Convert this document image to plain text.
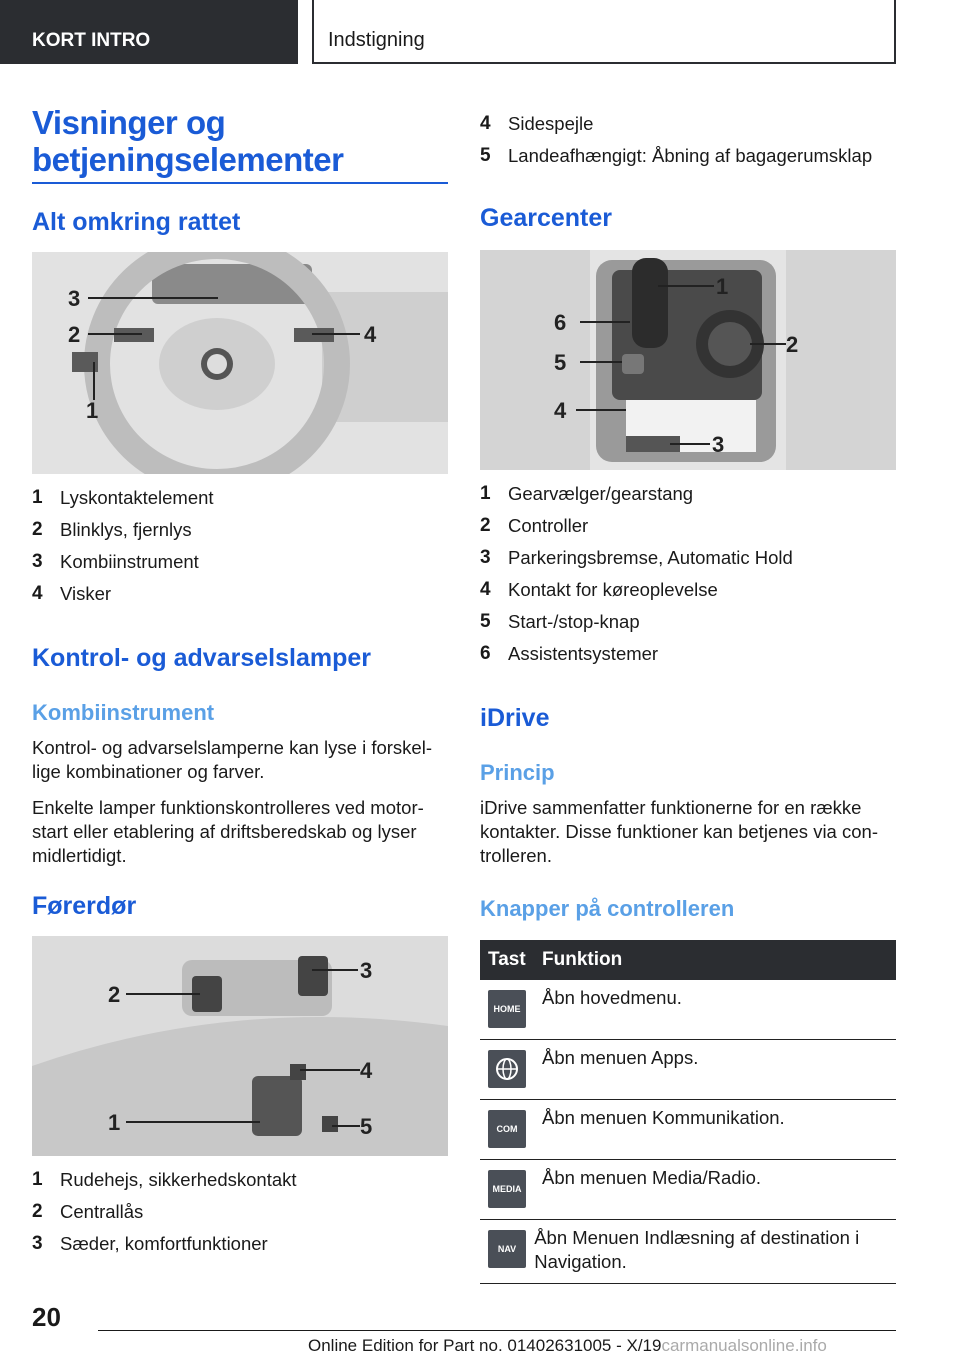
KORT INTRO	Indstigning
Visninger og betjeningselementer
Alt omkring rattet
3
2	4
1
1 Lyskontaktelement
2 Blinklys, fjernlys
3 Kombiinstrument
4 Visker
Kontrol- og advarselslamper
Kombiinstrument
Kontrol- og advarselslamperne kan lyse i forskellige kombinationer og farver.
Enkelte lamper funktionskontrolleres ved motorstart eller etablering af driftsberedskab og lyser midlertidigt.
Førerdør
2
3
4
1	5
1 Rudehejs, sikkerhedskontakt
2 Centrallås
3 Sæder, komfortfunktioner
4 Sidespejle
5 Landeafhængigt: Åbning af bagagerumsklap
Gearcenter
1
6
5
2
4
3
1 Gearvælger/gearstang
2 Controller
3 Parkeringsbremse, Automatic Hold
4 Kontakt for køreoplevelse
5 Start-/stop-knap
6 Assistentsystemer
iDrive
Princip
iDrive sammenfatter funktionerne for en række kontakter. Disse funktioner kan betjenes via controlleren.
Knapper på controlleren
Tast Funktion
HOME
Åbn hovedmenu.
Åbn menuen Apps.
COM
Åbn menuen Kommunikation.
MEDIA
Åbn menuen Media/Radio.
NAV
Åbn Menuen Indlæsning af destination i Navigation.
20
Online Edition for Part no. 01402631005 - X/19carmanualsonline.info
